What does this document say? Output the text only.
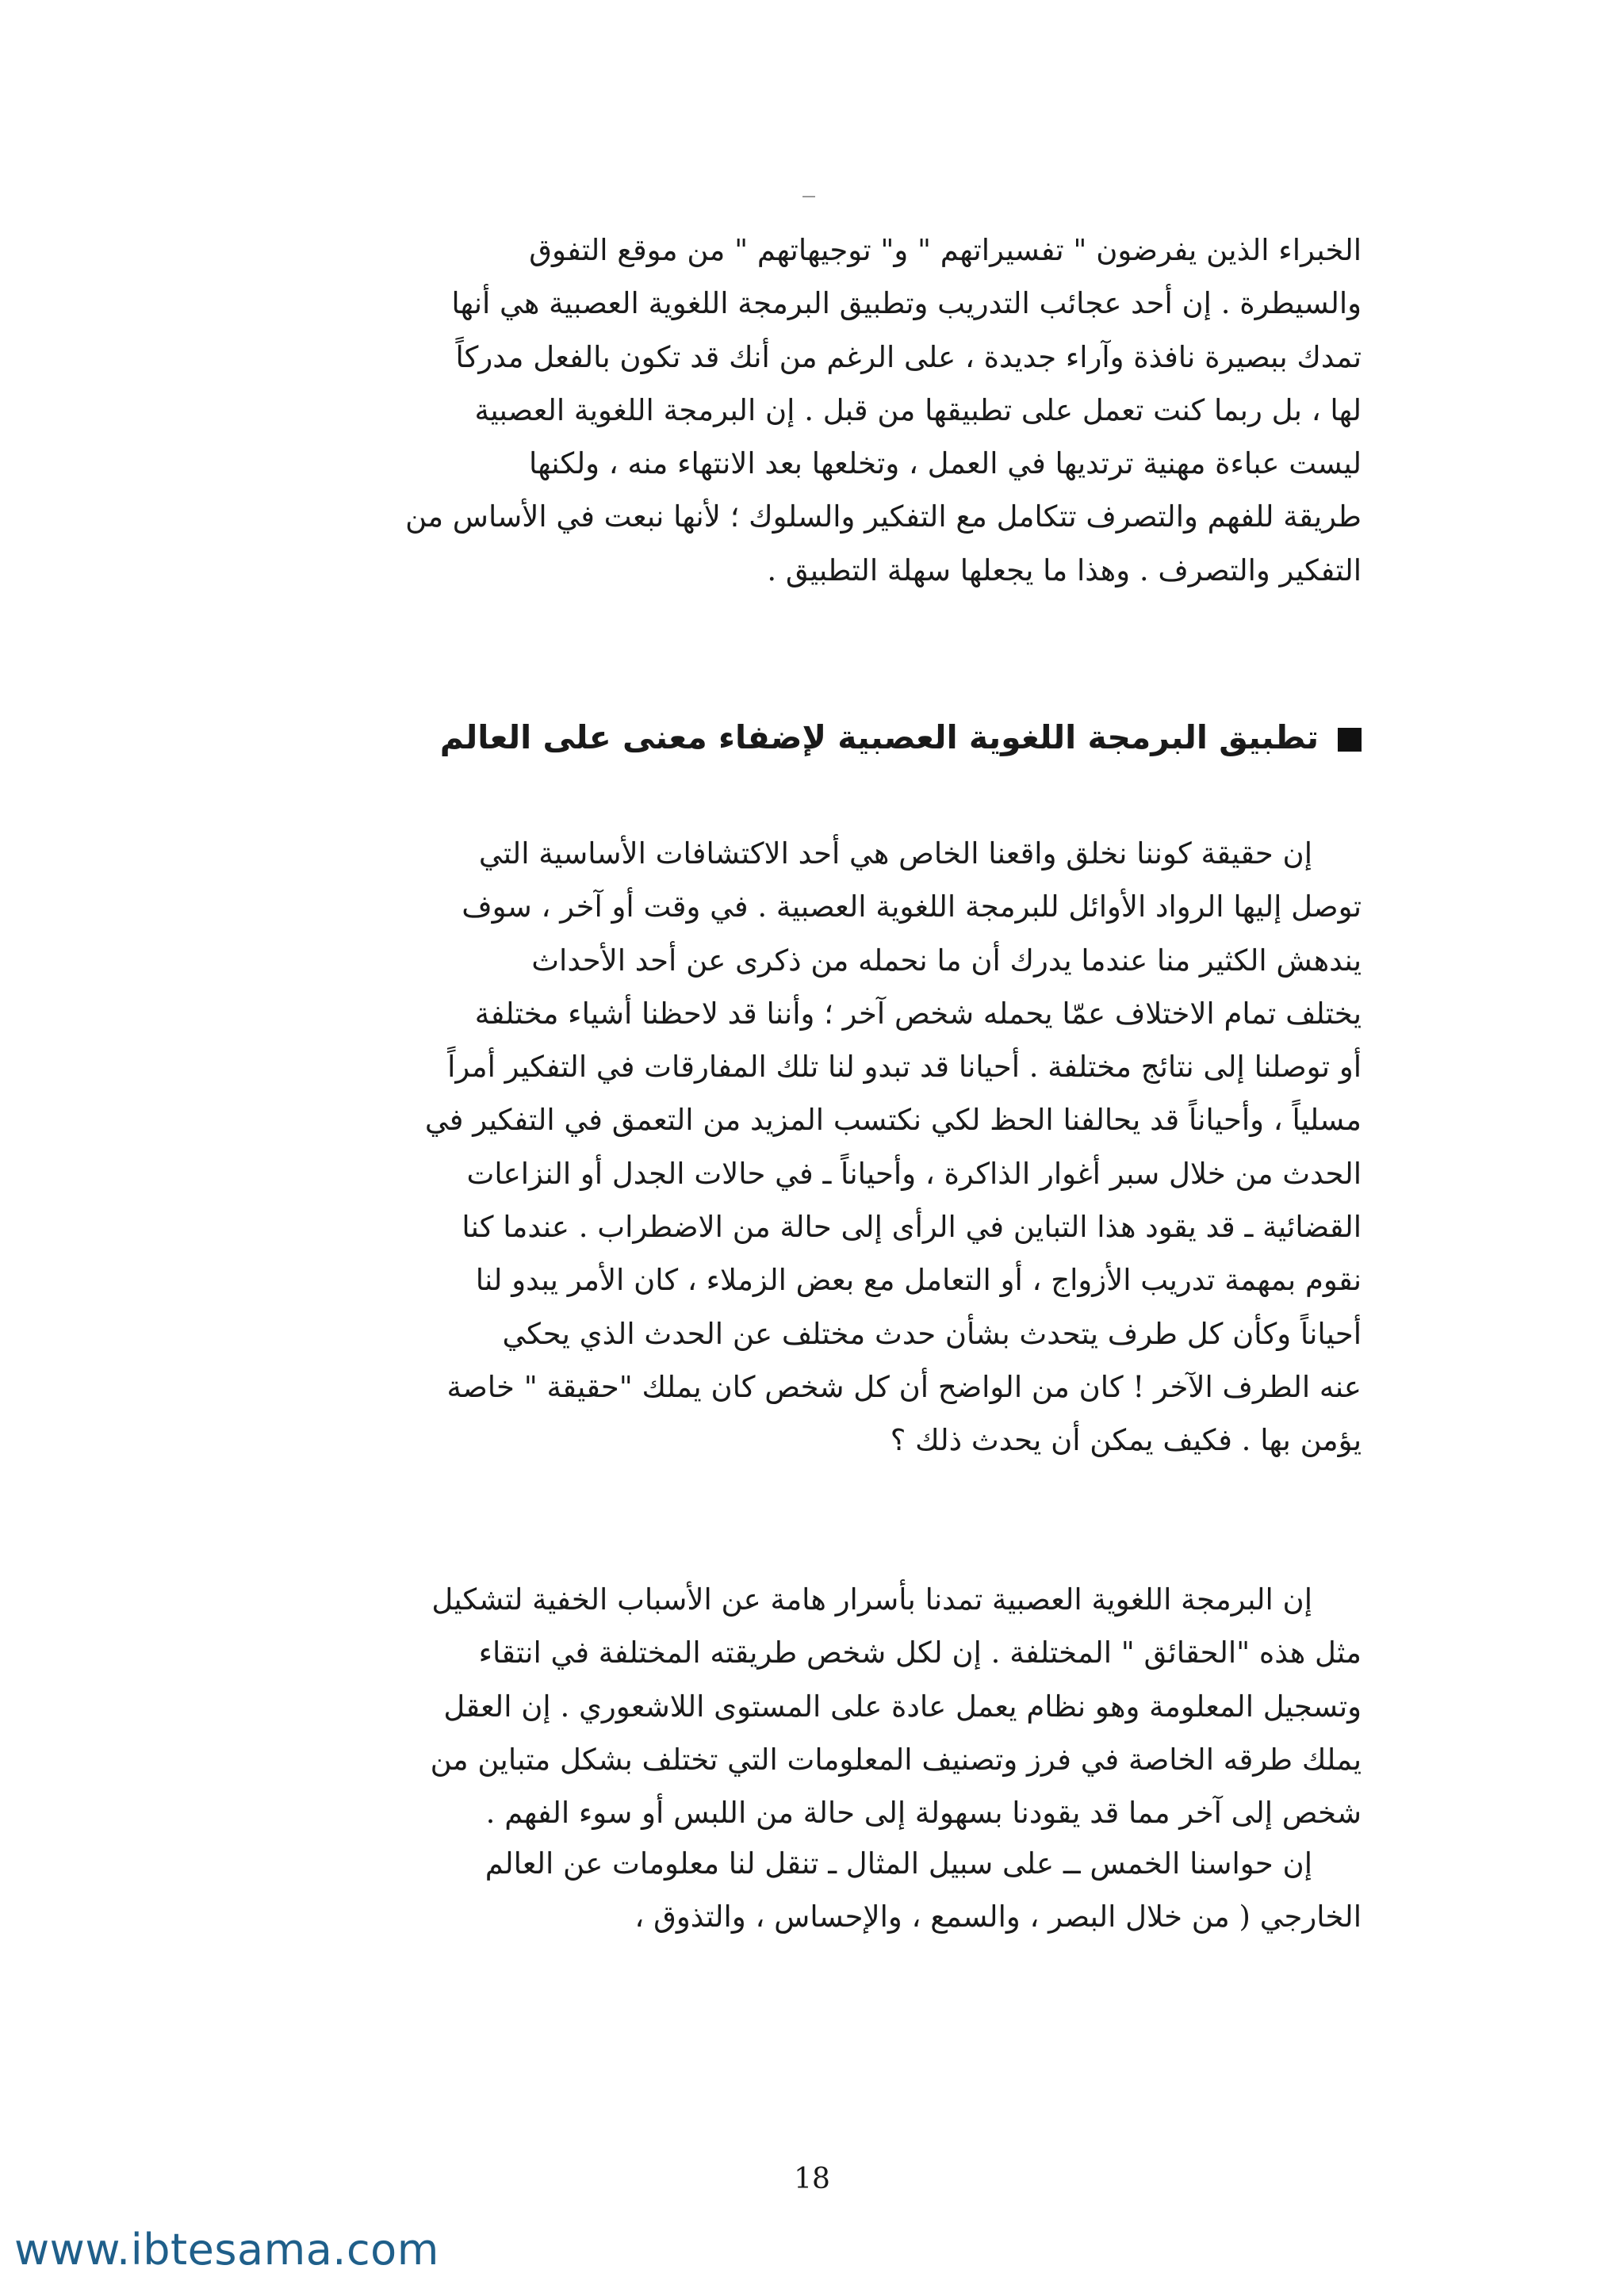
الخبراء الذين يفرضون " تفسيراتهم " و" توجيهاتهم " من موقع التفوق
والسيطرة . إن أحد عجائب التدريب وتطبيق البرمجة اللغوية العصبية هي أنها
تمدك ببصيرة نافذة وآراء جديدة ، على الرغم من أنك قد تكون بالفعل مدركاً
لها ، بل ربما كنت تعمل على تطبيقها من قبل . إن البرمجة اللغوية العصبية
ليست عباءة مهنية ترتديها في العمل ، وتخلعها بعد الانتهاء منه ، ولكنها
طريقة للفهم والتصرف تتكامل مع التفكير والسلوك ؛ لأنها نبعت في الأساس من
التفكير والتصرف . وهذا ما يجعلها سهلة التطبيق .
تطبيق البرمجة اللغوية العصبية لإضفاء معنى على العالم
إن حقيقة كوننا نخلق واقعنا الخاص هي أحد الاكتشافات الأساسية التي
توصل إليها الرواد الأوائل للبرمجة اللغوية العصبية . في وقت أو آخر ، سوف
يندهش الكثير منا عندما يدرك أن ما نحمله من ذكرى عن أحد الأحداث
يختلف تمام الاختلاف عمّا يحمله شخص آخر ؛ وأننا قد لاحظنا أشياء مختلفة
أو توصلنا إلى نتائج مختلفة . أحيانا قد تبدو لنا تلك المفارقات في التفكير أمراً
مسلياً ، وأحياناً قد يحالفنا الحظ لكي نكتسب المزيد من التعمق في التفكير في
الحدث من خلال سبر أغوار الذاكرة ، وأحياناً ـ في حالات الجدل أو النزاعات
القضائية ـ قد يقود هذا التباين في الرأى إلى حالة من الاضطراب . عندما كنا
نقوم بمهمة تدريب الأزواج ، أو التعامل مع بعض الزملاء ، كان الأمر يبدو لنا
أحياناً وكأن كل طرف يتحدث بشأن حدث مختلف عن الحدث الذي يحكي
عنه الطرف الآخر ! كان من الواضح أن كل شخص كان يملك "حقيقة " خاصة
يؤمن بها . فكيف يمكن أن يحدث ذلك ؟
إن البرمجة اللغوية العصبية تمدنا بأسرار هامة عن الأسباب الخفية لتشكيل
مثل هذه "الحقائق " المختلفة . إن لكل شخص طريقته المختلفة في انتقاء
وتسجيل المعلومة وهو نظام يعمل عادة على المستوى اللاشعوري . إن العقل
يملك طرقه الخاصة في فرز وتصنيف المعلومات التي تختلف بشكل متباين من
شخص إلى آخر مما قد يقودنا بسهولة إلى حالة من اللبس أو سوء الفهم .
إن حواسنا الخمس ــ على سبيل المثال ـ تنقل لنا معلومات عن العالم
الخارجي ( من خلال البصر ، والسمع ، والإحساس ، والتذوق ،
18
www.ibtesama.com
